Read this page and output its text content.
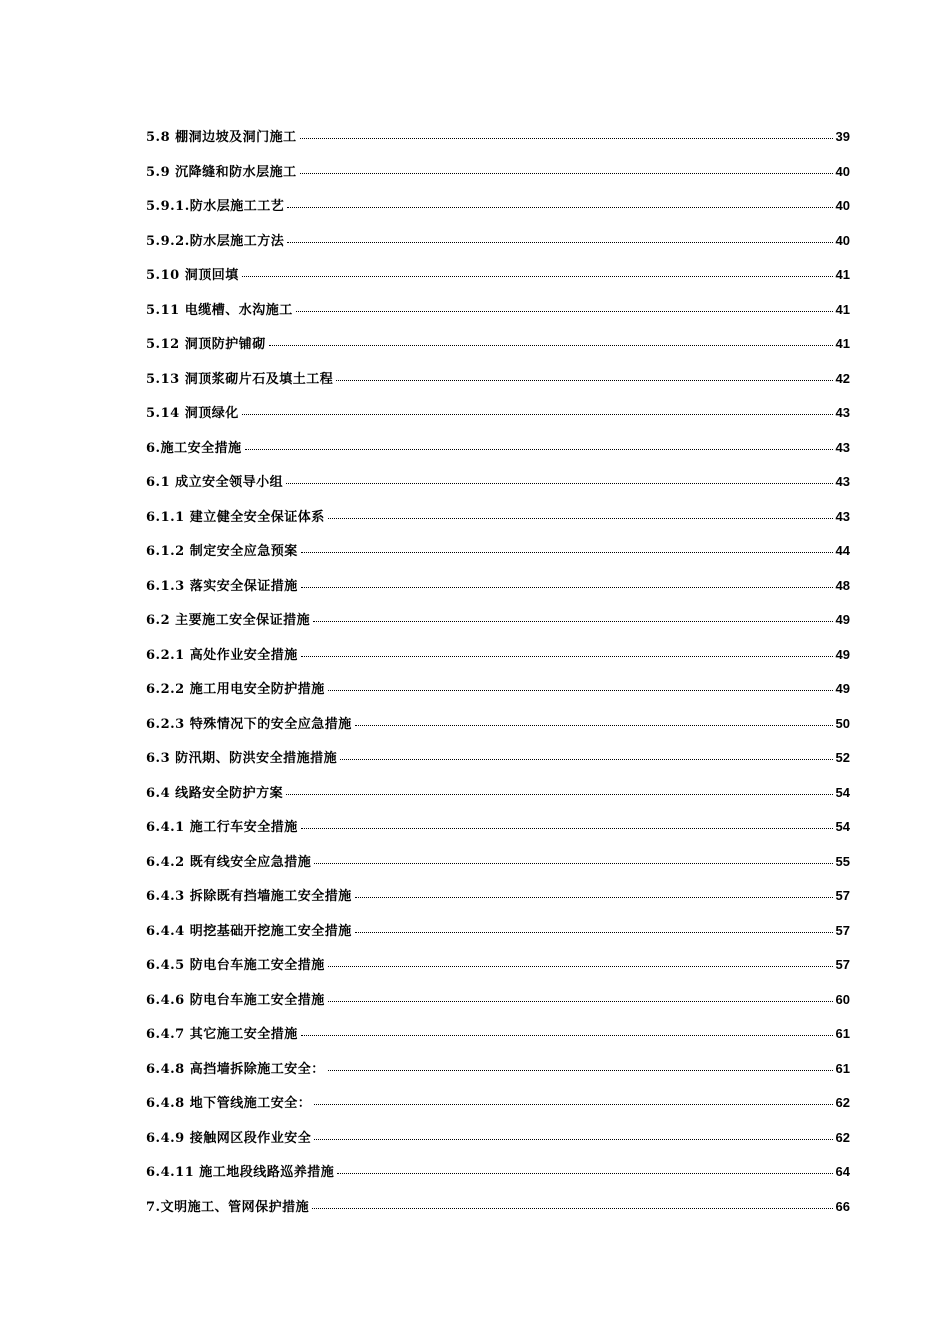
5.8 棚洞边坡及洞门施工	39
5.9 沉降缝和防水层施工	40
5.9.1.防水层施工工艺	40
5.9.2.防水层施工方法	40
5.10 洞顶回填	41
5.11 电缆槽、水沟施工	41
5.12 洞顶防护铺砌	41
5.13 洞顶浆砌片石及填土工程	42
5.14 洞顶绿化	43
6.施工安全措施	43
6.1 成立安全领导小组	43
6.1.1 建立健全安全保证体系	43
6.1.2 制定安全应急预案	44
6.1.3 落实安全保证措施	48
6.2 主要施工安全保证措施	49
6.2.1 高处作业安全措施	49
6.2.2 施工用电安全防护措施	49
6.2.3 特殊情况下的安全应急措施	50
6.3 防汛期、防洪安全措施措施	52
6.4 线路安全防护方案	54
6.4.1 施工行车安全措施	54
6.4.2 既有线安全应急措施	55
6.4.3 拆除既有挡墙施工安全措施	57
6.4.4 明挖基础开挖施工安全措施	57
6.4.5 防电台车施工安全措施	57
6.4.6 防电台车施工安全措施	60
6.4.7 其它施工安全措施	61
6.4.8 高挡墙拆除施工安全：	61
6.4.8 地下管线施工安全：	62
6.4.9 接触网区段作业安全	62
6.4.11 施工地段线路巡养措施	64
7.文明施工、管网保护措施	66
